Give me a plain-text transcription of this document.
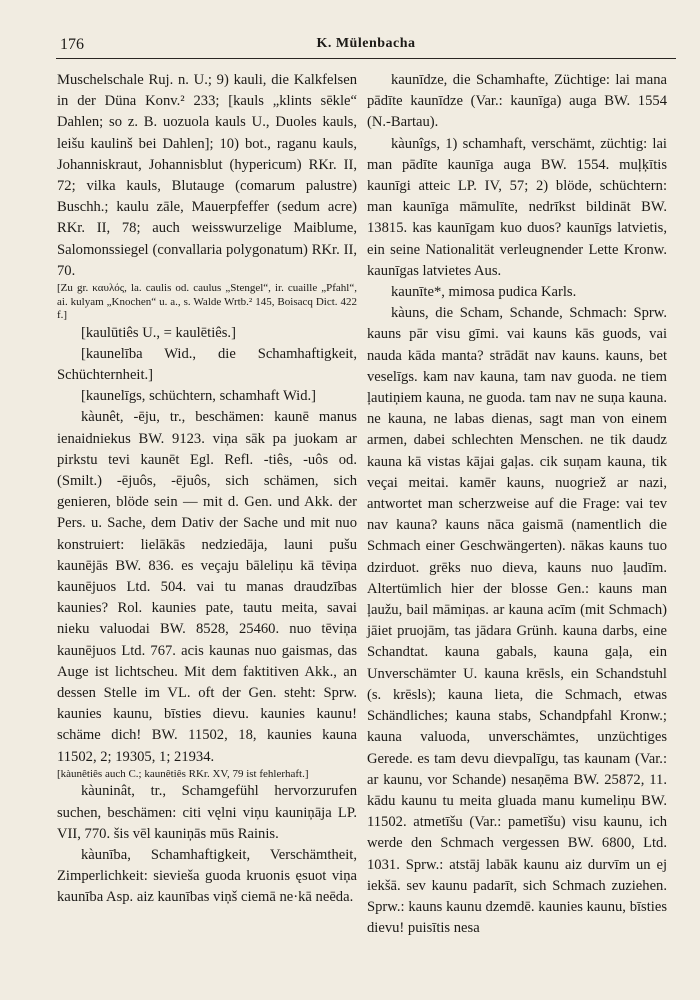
176	K. Mülenbacha

Muschelschale Ruj. n. U.; 9) kauli, die Kalkfelsen in der Düna Konv.² 233; [kauls „klints sēkle“ Dahlen; so z. B. uozuola kauls U., Duoles kauls, leišu kaulinš bei Dahlen]; 10) bot., raganu kauls, Johanniskraut, Johannisblut (hypericum) RKr. II, 72; vilka kauls, Blutauge (comarum palustre) Buschh.; kaulu zāle, Mauerpfeffer (sedum acre) RKr. II, 78; auch weisswurzelige Maiblume, Salomonssiegel (convallaria polygonatum) RKr. II, 70.

[Zu gr. καυλός, la. caulis od. caulus „Stengel“, ir. cuaille „Pfahl“, ai. kulyam „Knochen“ u. a., s. Walde Wrtb.² 145, Boisacq Dict. 422 f.]

[kaulūtiês U., = kaulētiês.]

[kaunelība Wid., die Schamhaftigkeit, Schüchternheit.]

[kaunelīgs, schüchtern, schamhaft Wid.]

kàunêt, -ēju, tr., beschämen: kaunē manus ienaidniekus BW. 9123. viņa sāk pa juokam ar pirkstu tevi kaunēt Egl. Refl. -tiês, -uôs od. (Smilt.) -ējuôs, -ējuôs, sich schämen, sich genieren, blöde sein — mit d. Gen. und Akk. der Pers. u. Sache, dem Dativ der Sache und mit nuo konstruiert: lielākās nedziedāja, launi pušu kaunējās BW. 836. es veçaju bāleliņu kā tēviņa kaunējuos Ltd. 504. vai tu manas draudzības kaunies? Rol. kaunies pate, tautu meita, savai nieku valuodai BW. 8528, 25460. nuo tēviņa kaunējuos Ltd. 767. acis kaunas nuo gaismas, das Auge ist lichtscheu. Mit dem faktitiven Akk., an dessen Stelle im VL. oft der Gen. steht: Sprw. kaunies kaunu, bīsties dievu. kaunies kaunu! schäme dich! BW. 11502, 18, kaunies kauna 11502, 2; 19305, 1; 21934.

[kàunêtiês auch C.; kaunêtiês RKr. XV, 79 ist fehlerhaft.]

kàuninât, tr., Schamgefühl hervorzurufen suchen, beschämen: citi vęlni viņu kauniņāja LP. VII, 770. šis vēl kauniņās mūs Rainis.

kàunība, Schamhaftigkeit, Verschämtheit, Zimperlichkeit: sievieša guoda kruonis ęsuot viņa kaunība Asp. aiz kaunības viņš ciemā ne·kā neēda.

kaunīdze, die Schamhafte, Züchtige: lai mana pādīte kaunīdze (Var.: kaunīga) auga BW. 1554 (N.-Bartau).

kàunîgs, 1) schamhaft, verschämt, züchtig: lai man pādīte kaunīga auga BW. 1554. muļķītis kaunīgi atteic LP. IV, 57; 2) blöde, schüchtern: man kaunīga māmulīte, nedrīkst bildināt BW. 13815. kas kaunīgam kuo duos? kaunīgs latvietis, ein seine Nationalität verleugnender Lette Kronw. kaunīgas latvietes Aus.

kaunīte*, mimosa pudica Karls.

kàuns, die Scham, Schande, Schmach: Sprw. kauns pār visu gīmi. vai kauns kās guods, vai nauda kāda manta? strādāt nav kauns. kauns, bet veselīgs. kam nav kauna, tam nav guoda. ne tiem ļautiņiem kauna, ne guoda. tam nav ne suņa kauna. ne kauna, ne labas dienas, sagt man von einem armen, dabei schlechten Menschen. ne tik daudz kauna kā vistas kājai gaļas. cik suņam kauna, tik veçai meitai. kamēr kauns, nuogriež ar nazi, antwortet man scherzweise auf die Frage: vai tev nav kauna? kauns nāca gaismā (namentlich die Schmach einer Geschwängerten). nākas kauns tuo dzirduot. grēks nuo dieva, kauns nuo ļaudīm. Altertümlich hier der blosse Gen.: kauns man ļaužu, bail māmiņas. ar kauna acīm (mit Schmach) jāiet pruojām, tas jādara Grünh. kauna darbs, eine Schandtat. kauna gabals, kauna gaļa, ein Unverschämter U. kauna krēsls, ein Schandstuhl (s. krēsls); kauna lieta, die Schmach, etwas Schändliches; kauna stabs, Schandpfahl Kronw.; kauna valuoda, unverschämtes, unzüchtiges Gerede. es tam devu dievpalīgu, tas kaunam (Var.: ar kaunu, vor Schande) nesaņēma BW. 25872, 11. kādu kaunu tu meita gluada manu kumeliņu BW. 11502. atmetīšu (Var.: pametīšu) visu kaunu, ich werde den Schmach vergessen BW. 6800, Ltd. 1031. Sprw.: atstāj labāk kaunu aiz durvīm un ej iekšā. sev kaunu padarīt, sich Schmach zuziehen. Sprw.: kauns kaunu dzemdē. kaunies kaunu, bīsties dievu! puisītis nesa
